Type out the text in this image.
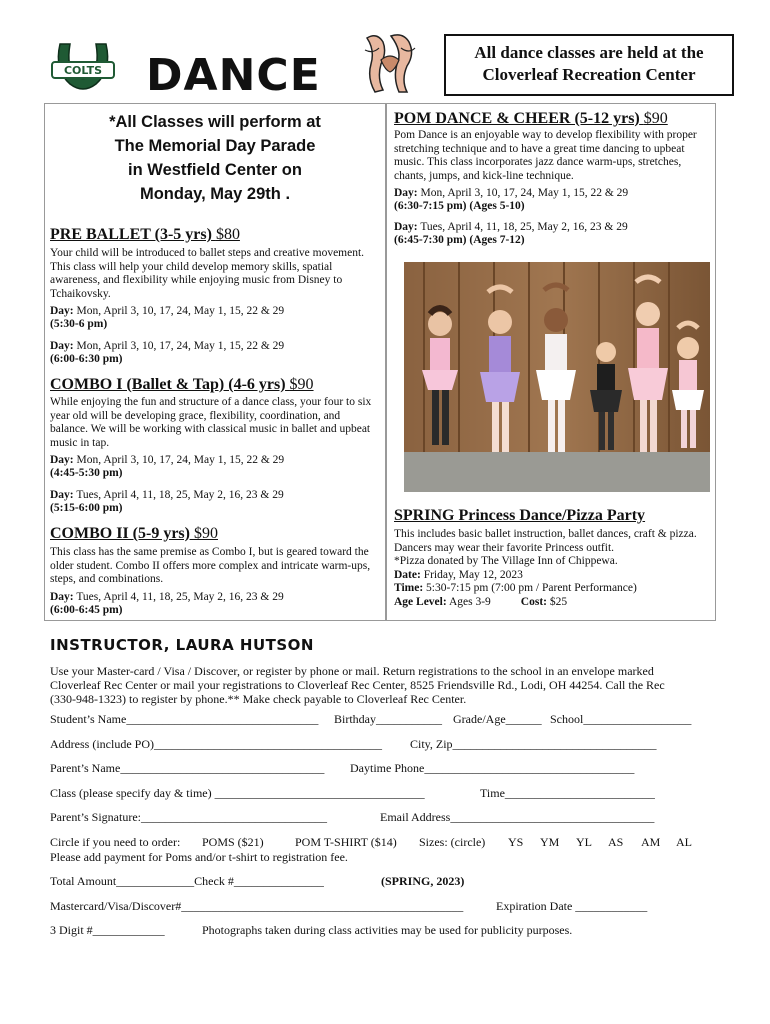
COLTS DANCE	All dance classes are held at the
Cloverleaf Recreation Center
*All Classes will perform at
The Memorial Day Parade
in Westfield Center on
Monday, May 29th .
PRE BALLET (3-5 yrs) $80
Your child will be introduced to ballet steps and creative movement. This class will help your child develop memory skills, spatial awareness, and flexibility while enjoying music from Disney to Tchaikovsky.
Day: Mon, April 3, 10, 17, 24, May 1, 15, 22 & 29
(5:30-6 pm)
Day: Mon, April 3, 10, 17, 24, May 1, 15, 22 & 29
(6:00-6:30 pm)
COMBO I (Ballet & Tap) (4-6 yrs) $90
While enjoying the fun and structure of a dance class, your four to six year old will be developing grace, flexibility, coordination, and balance. We will be working with classical music in ballet and upbeat music in tap.
Day: Mon, April 3, 10, 17, 24, May 1, 15, 22 & 29
(4:45-5:30 pm)
Day: Tues, April 4, 11, 18, 25, May 2, 16, 23 & 29
(5:15-6:00 pm)
COMBO II (5-9 yrs) $90
This class has the same premise as Combo I, but is geared toward the older student. Combo II offers more complex and intricate warm-ups, steps, and combinations.
Day: Tues, April 4, 11, 18, 25, May 2, 16, 23 & 29
(6:00-6:45 pm)
POM DANCE & CHEER (5-12 yrs) $90
Pom Dance is an enjoyable way to develop flexibility with proper stretching technique and to have a great time dancing to upbeat music. This class incorporates jazz dance warm-ups, stretches, chants, jumps, and kick-line technique.
Day: Mon, April 3, 10, 17, 24, May 1, 15, 22 & 29
(6:30-7:15 pm) (Ages 5-10)
Day: Tues, April 4, 11, 18, 25, May 2, 16, 23 & 29
(6:45-7:30 pm) (Ages 7-12)
SPRING Princess Dance/Pizza Party
This includes basic ballet instruction, ballet dances, craft & pizza. Dancers may wear their favorite Princess outfit.
*Pizza donated by The Village Inn of Chippewa.
Date: Friday, May 12, 2023
Time: 5:30-7:15 pm (7:00 pm / Parent Performance)
Age Level: Ages 3-9	Cost: $25
INSTRUCTOR, LAURA HUTSON
Use your Master-card / Visa / Discover, or register by phone or mail. Return registrations to the school in an envelope marked
Cloverleaf Rec Center or mail your registrations to Cloverleaf Rec Center, 8525 Friendsville Rd., Lodi, OH 44254. Call the Rec
(330-948-1323) to register by phone.** Make check payable to Cloverleaf Rec Center.
Student’s Name________________________________ Birthday___________ Grade/Age______ School__________________
Address (include PO)______________________________________ City, Zip__________________________________
Parent’s Name__________________________________ Daytime Phone___________________________________
Class (please specify day & time) ___________________________________	Time_________________________
Parent’s Signature:_______________________________	Email Address__________________________________
Circle if you need to order: POMS ($21)	POM T-SHIRT ($14) Sizes: (circle) YS YM YL AS AM AL
Please add payment for Poms and/or t-shirt to registration fee.
Total Amount_____________Check #_______________	(SPRING, 2023)
Mastercard/Visa/Discover#_______________________________________________	Expiration Date ____________
3 Digit #____________	Photographs taken during class activities may be used for publicity purposes.
